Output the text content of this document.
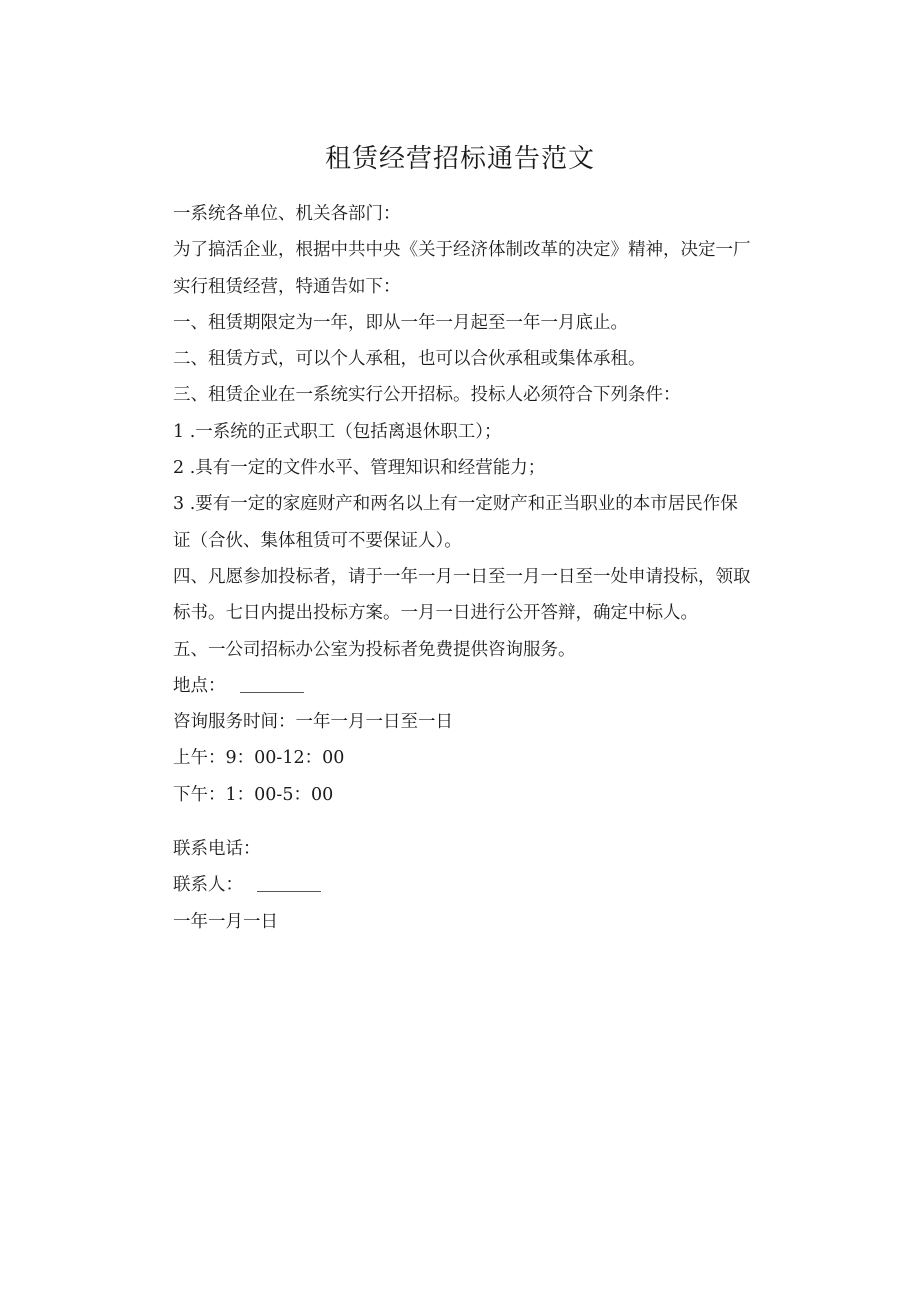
租赁经营招标通告范文
一系统各单位、机关各部门：
为了搞活企业，根据中共中央《关于经济体制改革的决定》精神，决定一厂
实行租赁经营，特通告如下：
一、租赁期限定为一年，即从一年一月起至一年一月底止。
二、租赁方式，可以个人承租，也可以合伙承租或集体承租。
三、租赁企业在一系统实行公开招标。投标人必须符合下列条件：
1 .一系统的正式职工（包括离退休职工）；
2 .具有一定的文件水平、管理知识和经营能力；
3 .要有一定的家庭财产和两名以上有一定财产和正当职业的本市居民作保
证（合伙、集体租赁可不要保证人）。
四、凡愿参加投标者，请于一年一月一日至一月一日至一处申请投标，领取
标书。七日内提出投标方案。一月一日进行公开答辩，确定中标人。
五、一公司招标办公室为投标者免费提供咨询服务。
地点：
咨询服务时间：一年一月一日至一日
上午：9：00-12：00
下午：1：00-5：00
联系电话：
联系人：
一年一月一日
